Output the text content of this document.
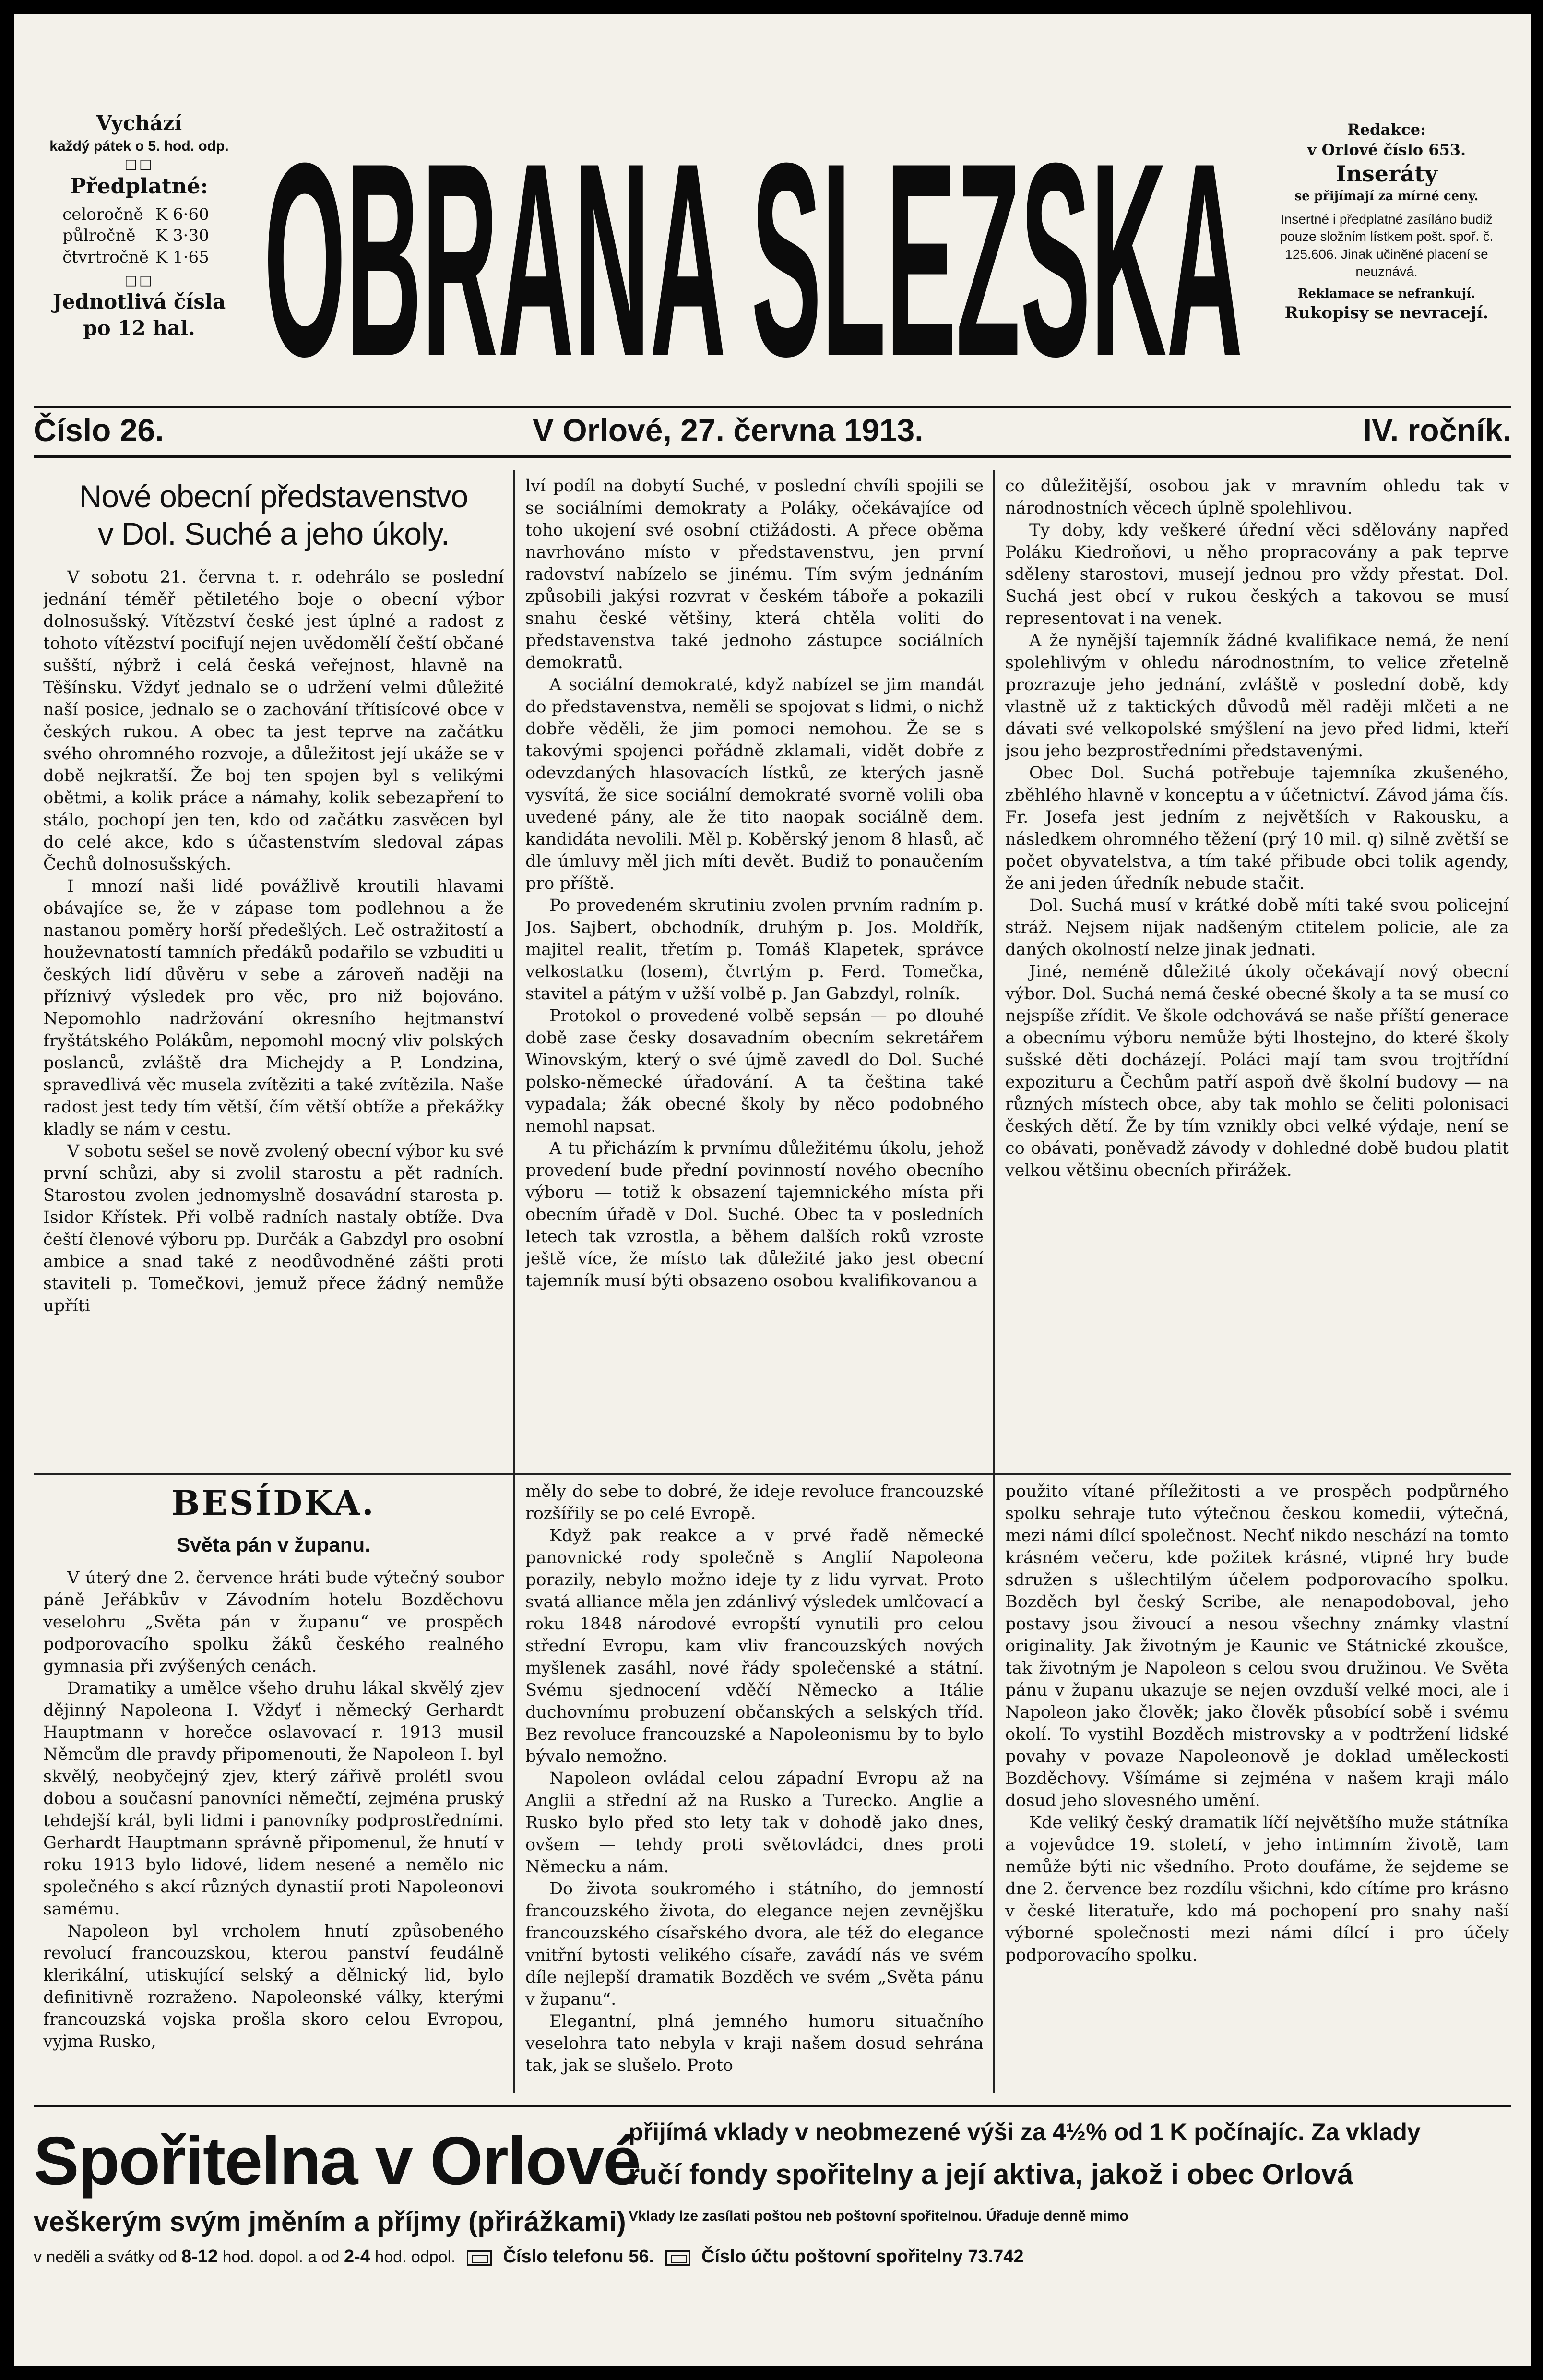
Vychází
každý pátek o 5. hod. odp.
□□
Předplatné:
celoročně	K 6·60
půlročně	K 3·30
čtvrtročně	K 1·65
□□
Jednotlivá čísla
po 12 hal. OBRANA SLEZSKA	Redakce:
v Orlové číslo 653.
Inseráty
se přijímají za mírné ceny.
Insertné i předplatné zasíláno budiž pouze složním lístkem pošt. spoř. č. 125.606. Jinak učiněné placení se neuznává.
Reklamace se nefrankují.
Rukopisy se nevracejí.
Číslo 26.	V Orlové, 27. června 1913.	IV. ročník.
Nové obecní představenstvo
v Dol. Suché a jeho úkoly.

V sobotu 21. června t. r. odehrálo se poslední jednání téměř pětiletého boje o obecní výbor dolnosušský. Vítězství české jest úplné a radost z tohoto vítězství pocifují nejen uvědomělí čeští občané sušští, nýbrž i celá česká veřejnost, hlavně na Těšínsku. Vždyť jednalo se o udržení velmi důležité naší posice, jednalo se o zachování třítisícové obce v českých rukou. A obec ta jest teprve na začátku svého ohromného rozvoje, a důležitost její ukáže se v době nejkratší. Že boj ten spojen byl s velikými obětmi, a kolik práce a námahy, kolik sebezapření to stálo, pochopí jen ten, kdo od začátku zasvěcen byl do celé akce, kdo s účastenstvím sledoval zápas Čechů dolnosušských.

I mnozí naši lidé povážlivě kroutili hlavami obávajíce se, že v zápase tom podlehnou a že nastanou poměry horší předešlých. Leč ostražitostí a houževnatostí tamních předáků podařilo se vzbuditi u českých lidí důvěru v sebe a zároveň naději na příznivý výsledek pro věc, pro niž bojováno. Nepomohlo nadržování okresního hejtmanství fryštátského Polákům, nepomohl mocný vliv polských poslanců, zvláště dra Michejdy a P. Londzina, spravedlivá věc musela zvítěziti a také zvítězila. Naše radost jest tedy tím větší, čím větší obtíže a překážky kladly se nám v cestu.

V sobotu sešel se nově zvolený obecní výbor ku své první schůzi, aby si zvolil starostu a pět radních. Starostou zvolen jednomyslně dosavádní starosta p. Isidor Křístek. Při volbě radních nastaly obtíže. Dva čeští členové výboru pp. Durčák a Gabzdyl pro osobní ambice a snad také z neodůvodněné zášti proti staviteli p. Tomečkovi, jemuž přece žádný nemůže upříti

lví podíl na dobytí Suché, v poslední chvíli spojili se se sociálními demokraty a Poláky, očekávajíce od toho ukojení své osobní ctižádosti. A přece oběma navrhováno místo v představenstvu, jen první radovství nabízelo se jinému. Tím svým jednáním způsobili jakýsi rozvrat v českém táboře a pokazili snahu české většiny, která chtěla voliti do představenstva také jednoho zástupce sociálních demokratů.

A sociální demokraté, když nabízel se jim mandát do představenstva, neměli se spojovat s lidmi, o nichž dobře věděli, že jim pomoci nemohou. Že se s takovými spojenci pořádně zklamali, vidět dobře z odevzdaných hlasovacích lístků, ze kterých jasně vysvítá, že sice sociální demokraté svorně volili oba uvedené pány, ale že tito naopak sociálně dem. kandidáta nevolili. Měl p. Koběrský jenom 8 hlasů, ač dle úmluvy měl jich míti devět. Budiž to ponaučením pro příště.

Po provedeném skrutiniu zvolen prvním radním p. Jos. Sajbert, obchodník, druhým p. Jos. Moldřík, majitel realit, třetím p. Tomáš Klapetek, správce velkostatku (losem), čtvrtým p. Ferd. Tomečka, stavitel a pátým v užší volbě p. Jan Gabzdyl, rolník.

Protokol o provedené volbě sepsán — po dlouhé době zase česky dosavadním obecním sekretářem Winovským, který o své újmě zavedl do Dol. Suché polsko-německé úřadování. A ta čeština také vypadala; žák obecné školy by něco podobného nemohl napsat.

A tu přicházím k prvnímu důležitému úkolu, jehož provedení bude přední povinností nového obecního výboru — totiž k obsazení tajemnického místa při obecním úřadě v Dol. Suché. Obec ta v posledních letech tak vzrostla, a během dalších roků vzroste ještě více, že místo tak důležité jako jest obecní tajemník musí býti obsazeno osobou kvalifikovanou a

co důležitější, osobou jak v mravním ohledu tak v národnostních věcech úplně spolehlivou.

Ty doby, kdy veškeré úřední věci sdělovány napřed Poláku Kiedroňovi, u něho propracovány a pak teprve sděleny starostovi, musejí jednou pro vždy přestat. Dol. Suchá jest obcí v rukou českých a takovou se musí representovat i na venek.

A že nynější tajemník žádné kvalifikace nemá, že není spolehlivým v ohledu národnostním, to velice zřetelně prozrazuje jeho jednání, zvláště v poslední době, kdy vlastně už z taktických důvodů měl raději mlčeti a ne dávati své velkopolské smýšlení na jevo před lidmi, kteří jsou jeho bezprostředními představenými.

Obec Dol. Suchá potřebuje tajemníka zkušeného, zběhlého hlavně v konceptu a v účetnictví. Závod jáma čís. Fr. Josefa jest jedním z největších v Rakousku, a následkem ohromného těžení (prý 10 mil. q) silně zvětší se počet obyvatelstva, a tím také přibude obci tolik agendy, že ani jeden úředník nebude stačit.

Dol. Suchá musí v krátké době míti také svou policejní stráž. Nejsem nijak nadšeným ctitelem policie, ale za daných okolností nelze jinak jednati.

Jiné, neméně důležité úkoly očekávají nový obecní výbor. Dol. Suchá nemá české obecné školy a ta se musí co nejspíše zřídit. Ve škole odchovává se naše příští generace a obecnímu výboru nemůže býti lhostejno, do které školy sušské děti docházejí. Poláci mají tam svou trojtřídní expozituru a Čechům patří aspoň dvě školní budovy — na různých místech obce, aby tak mohlo se čeliti polonisaci českých dětí. Že by tím vznikly obci velké výdaje, není se co obávati, poněvadž závody v dohledné době budou platit velkou většinu obecních přirážek.

BESÍDKA.
Světa pán v županu.

V úterý dne 2. července hráti bude výtečný soubor páně Jeřábkův v Závodním hotelu Bozděchovu veselohru „Světa pán v županu“ ve prospěch podporovacího spolku žáků českého realného gymnasia při zvýšených cenách.

Dramatiky a umělce všeho druhu lákal skvělý zjev dějinný Napoleona I. Vždyť i německý Gerhardt Hauptmann v horečce oslavovací r. 1913 musil Němcům dle pravdy připomenouti, že Napoleon I. byl skvělý, neobyčejný zjev, který zářivě prolétl svou dobou a současní panovníci němečtí, zejména pruský tehdejší král, byli lidmi i panovníky podprostředními. Gerhardt Hauptmann správně připomenul, že hnutí v roku 1913 bylo lidové, lidem nesené a nemělo nic společného s akcí různých dynastií proti Napoleonovi samému.

Napoleon byl vrcholem hnutí způsobeného revolucí francouzskou, kterou panství feudálně klerikální, utiskující selský a dělnický lid, bylo definitivně rozraženo. Napoleonské války, kterými francouzská vojska prošla skoro celou Evropou, vyjma Rusko,

měly do sebe to dobré, že ideje revoluce francouzské rozšířily se po celé Evropě.

Když pak reakce a v prvé řadě německé panovnické rody společně s Anglií Napoleona porazily, nebylo možno ideje ty z lidu vyrvat. Proto svatá alliance měla jen zdánlivý výsledek umlčovací a roku 1848 národové evropští vynutili pro celou střední Evropu, kam vliv francouzských nových myšlenek zasáhl, nové řády společenské a státní. Svému sjednocení vděčí Německo a Itálie duchovnímu probuzení občanských a selských tříd. Bez revoluce francouzské a Napoleonismu by to bylo bývalo nemožno.

Napoleon ovládal celou západní Evropu až na Anglii a střední až na Rusko a Turecko. Anglie a Rusko bylo před sto lety tak v dohodě jako dnes, ovšem — tehdy proti světovládci, dnes proti Německu a nám.

Do života soukromého i státního, do jemností francouzského života, do elegance nejen zevnějšku francouzského císařského dvora, ale též do elegance vnitřní bytosti velikého císaře, zavádí nás ve svém díle nejlepší dramatik Bozděch ve svém „Světa pánu v županu“.

Elegantní, plná jemného humoru situačního veselohra tato nebyla v kraji našem dosud sehrána tak, jak se slušelo. Proto

použito vítané příležitosti a ve prospěch podpůrného spolku sehraje tuto výtečnou českou komedii, výtečná, mezi námi dílcí společnost. Nechť nikdo neschází na tomto krásném večeru, kde požitek krásné, vtipné hry bude sdružen s ušlechtilým účelem podporovacího spolku. Bozděch byl český Scribe, ale nenapodoboval, jeho postavy jsou živoucí a nesou všechny známky vlastní originality. Jak životným je Kaunic ve Státnické zkoušce, tak životným je Napoleon s celou svou družinou. Ve Světa pánu v županu ukazuje se nejen ovzduší velké moci, ale i Napoleon jako člověk; jako člověk působící sobě i svému okolí. To vystihl Bozděch mistrovsky a v podtržení lidské povahy v povaze Napoleonově je doklad uměleckosti Bozděchovy. Všímáme si zejména v našem kraji málo dosud jeho slovesného umění.

Kde veliký český dramatik líčí největšího muže státníka a vojevůdce 19. století, v jeho intimním životě, tam nemůže býti nic všedního. Proto doufáme, že sejdeme se dne 2. července bez rozdílu všichni, kdo cítíme pro krásno v české literatuře, kdo má pochopení pro snahy naší výborné společnosti mezi námi dílcí i pro účely podporovacího spolku.

Spořitelna v Orlové
přijímá vklady v neobmezené výši za 4½% od 1 K počínajíc. Za vklady
ručí fondy spořitelny a její aktiva, jakož i obec Orlová
veškerým svým jměním a příjmy (přirážkami) Vklady lze zasílati poštou neb poštovní spořitelnou. Úřaduje denně mimo
v neděli a svátky od 8-12 hod. dopol. a od 2-4 hod. odpol.	Číslo telefonu 56.	Číslo účtu poštovní spořitelny 73.742
